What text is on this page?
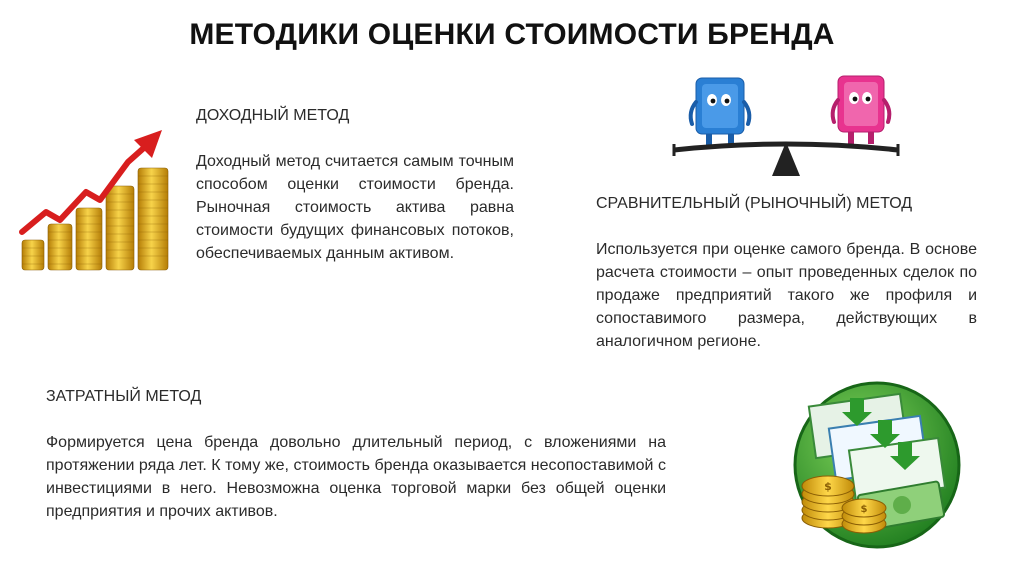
МЕТОДИКИ ОЦЕНКИ СТОИМОСТИ БРЕНДА
ДОХОДНЫЙ МЕТОД
Доходный метод считается самым точным способом оценки стоимости бренда. Рыночная стоимость актива равна стоимости будущих финансовых потоков, обеспечиваемых данным активом.
СРАВНИТЕЛЬНЫЙ (РЫНОЧНЫЙ) МЕТОД
Используется при оценке самого бренда. В основе расчета стоимости – опыт проведенных сделок по продаже предприятий такого же профиля и сопоставимого размера, действующих в аналогичном регионе.
ЗАТРАТНЫЙ МЕТОД
Формируется цена бренда довольно длительный период, с вложениями на протяжении ряда лет. К тому же, стоимость бренда оказывается несопоставимой с инвестициями в него. Невозможна оценка торговой марки без общей оценки предприятия и прочих активов.
$
$
